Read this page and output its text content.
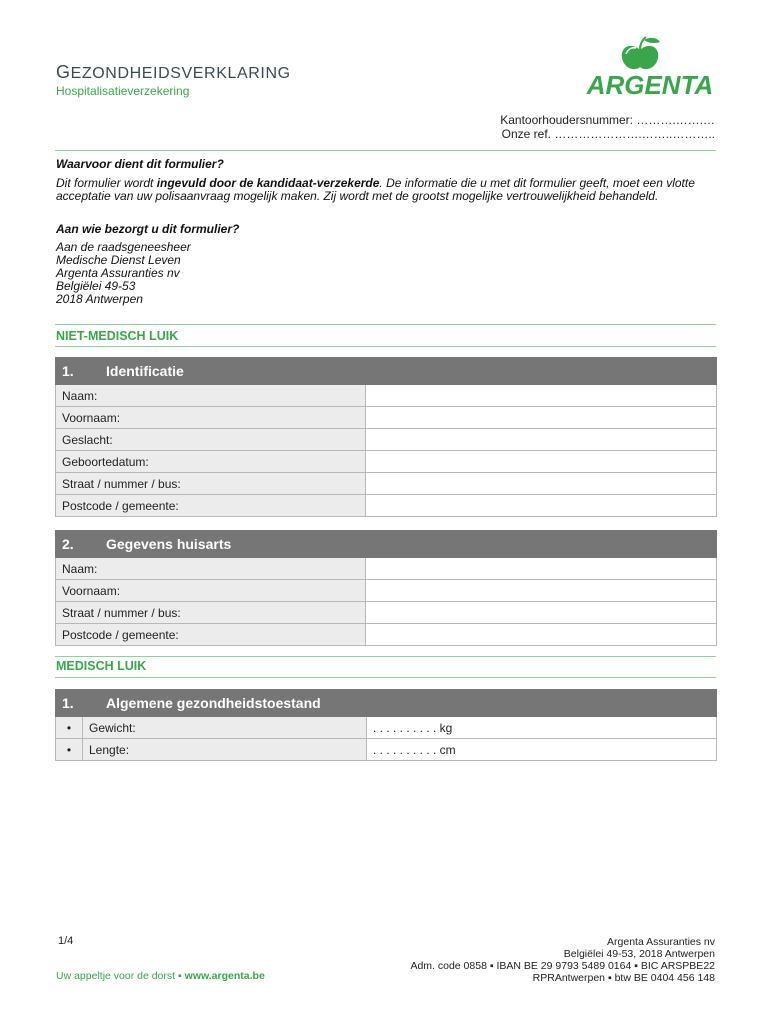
GEZONDHEIDSVERKLARING
Hospitalisatieverzekering	ARGENTA
Kantoorhoudersnummer: ……….…….…
Onze ref. ………………….……..………..
Waarvoor dient dit formulier?
Dit formulier wordt ingevuld door de kandidaat-verzekerde. De informatie die u met dit formulier geeft, moet een vlotte acceptatie van uw polisaanvraag mogelijk maken. Zij wordt met de grootst mogelijke vertrouwelijkheid behandeld.
Aan wie bezorgt u dit formulier?
Aan de raadsgeneesheer
Medische Dienst Leven
Argenta Assuranties nv
Belgiëlei 49-53
2018 Antwerpen
NIET-MEDISCH LUIK
1. Identificatie	
Naam:	
Voornaam:	
Geslacht:	
Geboortedatum:	
Straat / nummer / bus:	
Postcode / gemeente:	
2. Gegevens huisarts	
Naam:	
Voornaam:	
Straat / nummer / bus:	
Postcode / gemeente:	
MEDISCH LUIK
1. Algemene gezondheidstoestand		
•	Gewicht:	. . . . . . . . . . kg
•	Lengte:	. . . . . . . . . . cm
1/4
Uw appeltje voor de dorst ▪ www.argenta.be
Argenta Assuranties nv
Belgiëlei 49-53, 2018 Antwerpen
Adm. code 0858 ▪ IBAN BE 29 9793 5489 0164 ▪ BIC ARSPBE22
RPRAntwerpen ▪ btw BE 0404 456 148
